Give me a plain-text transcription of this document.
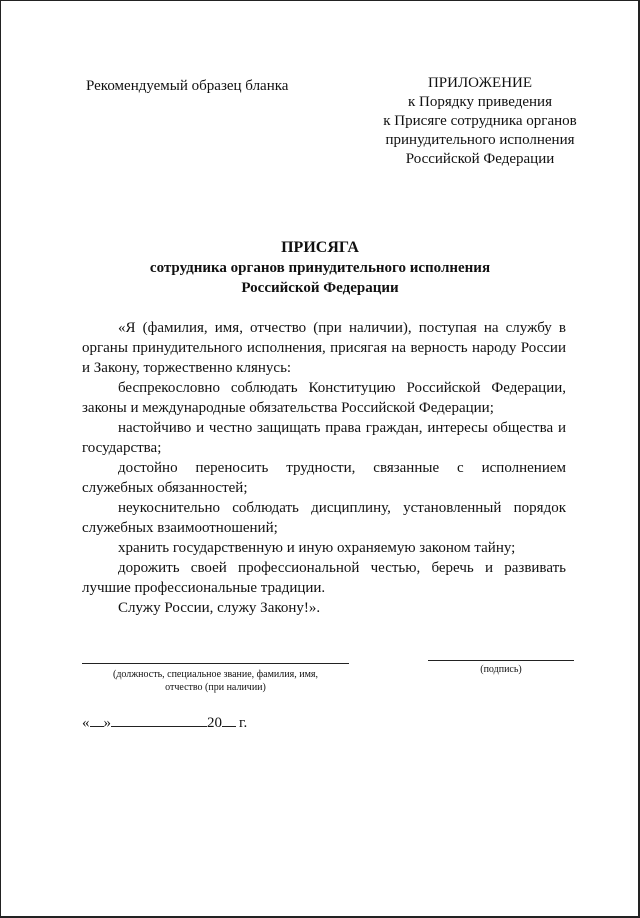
Рекомендуемый образец бланка	ПРИЛОЖЕНИЕ
к Порядку приведения
к Присяге сотрудника органов
принудительного исполнения
Российской Федерации
ПРИСЯГА
сотрудника органов принудительного исполнения
Российской Федерации

«Я (фамилия, имя, отчество (при наличии), поступая на службу в органы принудительного исполнения, присягая на верность народу России и Закону, торжественно клянусь:

беспрекословно соблюдать Конституцию Российской Федерации, законы и международные обязательства Российской Федерации;

настойчиво и честно защищать права граждан, интересы общества и государства;

достойно переносить трудности, связанные с исполнением служебных обязанностей;

неукоснительно соблюдать дисциплину, установленный порядок служебных взаимоотношений;

хранить государственную и иную охраняемую законом тайну;

дорожить своей профессиональной честью, беречь и развивать лучшие профессиональные традиции.

Служу России, служу Закону!».

(должность, специальное звание, фамилия, имя,
отчество (при наличии)
(подпись)
« »	20 г.
